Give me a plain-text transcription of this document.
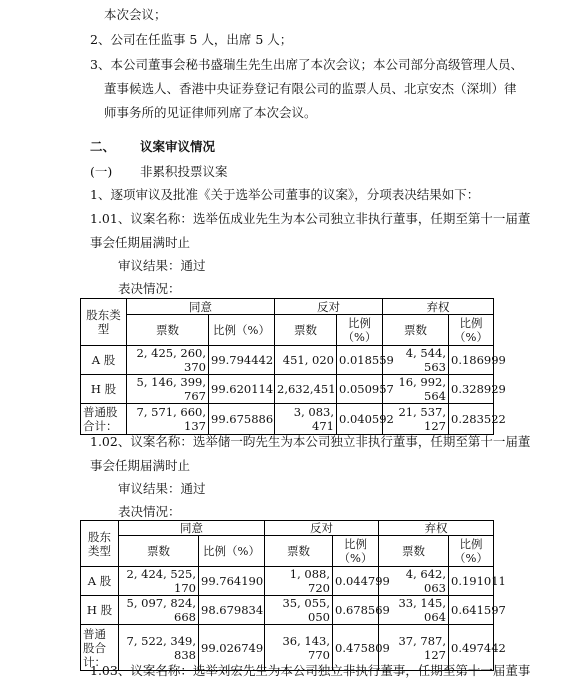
本次会议；
2、公司在任监事 5 人，出席 5 人；
3、本公司董事会秘书盛瑞生先生出席了本次会议；本公司部分高级管理人员、
董事候选人、香港中央证券登记有限公司的监票人员、北京安杰（深圳）律
师事务所的见证律师列席了本次会议。
二、 议案审议情况
(一) 非累积投票议案
1、逐项审议及批准《关于选举公司董事的议案》，分项表决结果如下：
1.01、议案名称：选举伍成业先生为本公司独立非执行董事，任期至第十一届董
事会任期届满时止
审议结果：通过
表决情况：
股东类型	同意		反对		弃权	
	票数	比例（%）	票数	比例（%）	票数	比例（%）
A 股	2, 425, 260, 370	99.794442	451, 020	0.018559	4, 544, 563	0.186999
H 股	5, 146, 399, 767	99.620114	2,632,451	0.050957	16, 992, 564	0.328929
普通股合计：	7, 571, 660, 137	99.675886	3, 083, 471	0.040592	21, 537, 127	0.283522
1.02、议案名称：选举储一昀先生为本公司独立非执行董事，任期至第十一届董
事会任期届满时止
审议结果：通过
表决情况：
股东类型	同意		反对		弃权	
	票数	比例（%）	票数	比例（%）	票数	比例（%）
A 股	2, 424, 525, 170	99.764190	1, 088, 720	0.044799	4, 642, 063	0.191011
H 股	5, 097, 824, 668	98.679834	35, 055, 050	0.678569	33, 145, 064	0.641597
普通股合计：	7, 522, 349, 838	99.026749	36, 143, 770	0.475809	37, 787, 127	0.497442
1.03、议案名称：选举刘宏先生为本公司独立非执行董事，任期至第十一届董事
